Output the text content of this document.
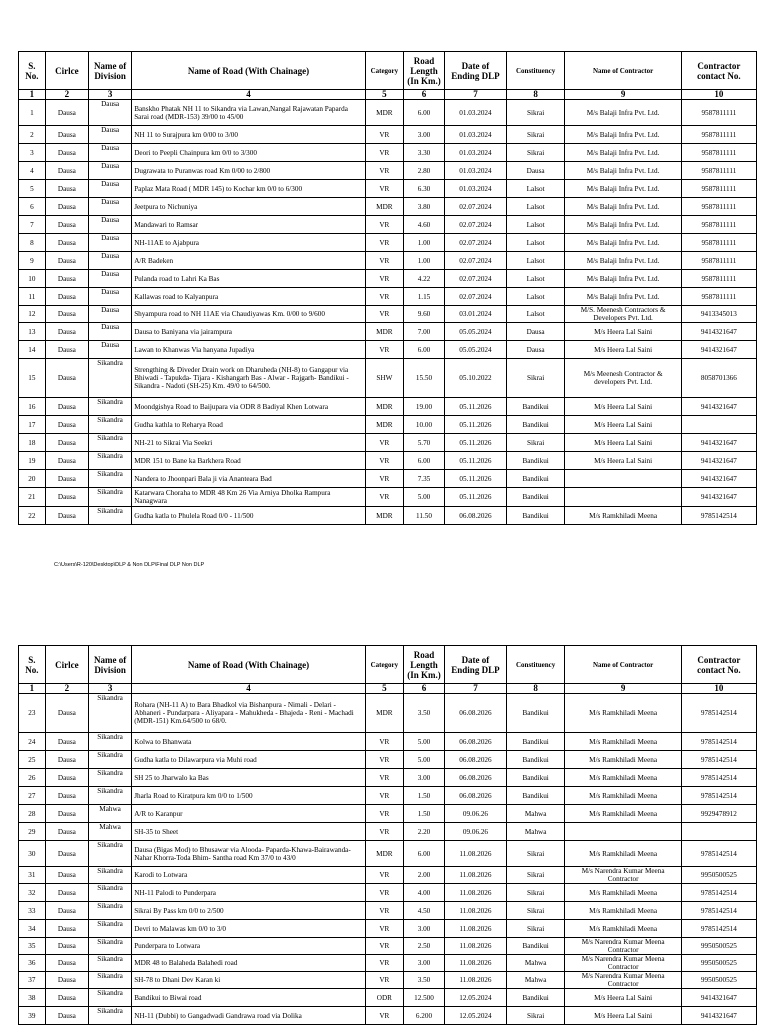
S. No.	Cirlce	Name of Division	Name of Road (With Chainage)	Category	Road Length (In Km.)	Date of Ending DLP	Constituency	Name of Contractor	Contractor contact No.
1	2	3	4	5	6	7	8	9	10
1	Dausa	Dausa	Banskho Phatak NH 11 to Sikandra via Lawan,Nangal Rajawatan Paparda Sarai road (MDR-153) 39/00 to 45/00	MDR	6.00	01.03.2024	Sikrai	M/s Balaji Infra Pvt. Ltd.	9587811111
2	Dausa	Dausa	NH 11 to Surajpura km 0/00 to 3/00	VR	3.00	01.03.2024	Sikrai	M/s Balaji Infra Pvt. Ltd.	9587811111
3	Dausa	Dausa	Deori to Peepli Chainpura km 0/0 to 3/300	VR	3.30	01.03.2024	Sikrai	M/s Balaji Infra Pvt. Ltd.	9587811111
4	Dausa	Dausa	Dugrawata to Puranwas road Km 0/00 to 2/800	VR	2.80	01.03.2024	Dausa	M/s Balaji Infra Pvt. Ltd.	9587811111
5	Dausa	Dausa	Paplaz Mata Road ( MDR 145) to Kochar km 0/0 to 6/300	VR	6.30	01.03.2024	Lalsot	M/s Balaji Infra Pvt. Ltd.	9587811111
6	Dausa	Dausa	Jeetpura to Nichuniya	MDR	3.80	02.07.2024	Lalsot	M/s Balaji Infra Pvt. Ltd.	9587811111
7	Dausa	Dausa	Mandawari to Ramsar	VR	4.60	02.07.2024	Lalsot	M/s Balaji Infra Pvt. Ltd.	9587811111
8	Dausa	Dausa	NH-11AE to Ajabpura	VR	1.00	02.07.2024	Lalsot	M/s Balaji Infra Pvt. Ltd.	9587811111
9	Dausa	Dausa	A/R Badeken	VR	1.00	02.07.2024	Lalsot	M/s Balaji Infra Pvt. Ltd.	9587811111
10	Dausa	Dausa	Pulanda road to Lahri Ka Bas	VR	4.22	02.07.2024	Lalsot	M/s Balaji Infra Pvt. Ltd.	9587811111
11	Dausa	Dausa	Kallawas road to Kalyanpura	VR	1.15	02.07.2024	Lalsot	M/s Balaji Infra Pvt. Ltd.	9587811111
12	Dausa	Dausa	Shyampura road to NH 11AE via Chaudiyawas Km. 0/00 to 9/600	VR	9.60	03.01.2024	Lalsot	M/S. Meenesh Contractors & Developers Pvt. Ltd.	9413345013
13	Dausa	Dausa	Dausa to Baniyana via jairampura	MDR	7.00	05.05.2024	Dausa	M/s Heera Lal Saini	9414321647
14	Dausa	Dausa	Lawan to Khanwas Via hanyana Jupadiya	VR	6.00	05.05.2024	Dausa	M/s Heera Lal Saini	9414321647
15	Dausa	Sikandra	Strengthing & Diveder Drain work on Dharuheda (NH-8) to Gangapur via Bhiwadi - Tapukda- Tijara - Kishangarh Bas - Alwar - Rajgarh- Bandikui - Sikandra - Nadoti (SH-25) Km. 49/0 to 64/500.	SHW	15.50	05.10.2022	Sikrai	M/s Meenesh Contractor & developers Pvt. Ltd.	8058701366
16	Dausa	Sikandra	Moondgishya Road to Baijupara via ODR 8 Badiyal Khen Lotwara	MDR	19.00	05.11.2026	Bandikui	M/s Heera Lal Saini	9414321647
17	Dausa	Sikandra	Gudha kathla to Reharya Road	MDR	10.00	05.11.2026	Bandikui	M/s Heera Lal Saini	
18	Dausa	Sikandra	NH-21 to Sikrai Via Seekri	VR	5.70	05.11.2026	Sikrai	M/s Heera Lal Saini	9414321647
19	Dausa	Sikandra	MDR 151 to Bane ka Barkhera Road	VR	6.00	05.11.2026	Bandikui	M/s Heera Lal Saini	9414321647
20	Dausa	Sikandra	Nandera to Jhoonpari Bala ji via Ananteara Bad	VR	7.35	05.11.2026	Bandikui		9414321647
21	Dausa	Sikandra	Katarwara Choraha to MDR 48 Km 26 Via Arniya Dholka Rampura Nanagwara	VR	5.00	05.11.2026	Bandikui		9414321647
22	Dausa	Sikandra	Gudha katla to Phulela Road 0/0 - 11/500	MDR	11.50	06.08.2026	Bandikui	M/s Ramkhiladi Meena	9785142514
C:\Users\R-120\Desktop\DLP & Non DLP\Final DLP Non DLP
S. No.	Cirlce	Name of Division	Name of Road (With Chainage)	Category	Road Length (In Km.)	Date of Ending DLP	Constituency	Name of Contractor	Contractor contact No.
1	2	3	4	5	6	7	8	9	10
23	Dausa	Sikandra	Rohara (NH-11 A) to Bara Bhadkol via Bishanpura - Nimali - Delari - Abhaneri - Pundarpara - Aliyapara - Mahukheda - Bhajeda - Reni - Machadi (MDR-151) Km.64/500 to 68/0.	MDR	3.50	06.08.2026	Bandikui	M/s Ramkhiladi Meena	9785142514
24	Dausa	Sikandra	Kolwa to Bhanwata	VR	5.00	06.08.2026	Bandikui	M/s Ramkhiladi Meena	9785142514
25	Dausa	Sikandra	Gudha katla to Dilawarpura via Muhi road	VR	5.00	06.08.2026	Bandikui	M/s Ramkhiladi Meena	9785142514
26	Dausa	Sikandra	SH 25 to Jharwalo ka Bas	VR	3.00	06.08.2026	Bandikui	M/s Ramkhiladi Meena	9785142514
27	Dausa	Sikandra	Jharla Road to Kiratpura km 0/0 to 1/500	VR	1.50	06.08.2026	Bandikui	M/s Ramkhiladi Meena	9785142514
28	Dausa	Mahwa	A/R to Karanpur	VR	1.50	09.06.26	Mahwa	M/s Ramkhiladi Meena	9929478912
29	Dausa	Mahwa	SH-35 to Sheet	VR	2.20	09.06.26	Mahwa		
30	Dausa	Sikandra	Dausa (Bigas Mod) to Bhusawar via Alooda- Paparda-Khawa-Bairawanda-Nahar Khorra-Toda Bhim- Santha road Km 37/0 to 43/0	MDR	6.00	11.08.2026	Sikrai	M/s Ramkhiladi Meena	9785142514
31	Dausa	Sikandra	Karodi to Lotwara	VR	2.00	11.08.2026	Sikrai	M/s Narendra Kumar Meena Contractor	9950500525
32	Dausa	Sikandra	NH-11 Palodi to Punderpara	VR	4.00	11.08.2026	Sikrai	M/s Ramkhiladi Meena	9785142514
33	Dausa	Sikandra	Sikrai By Pass km 0/0 to 2/500	VR	4.50	11.08.2026	Sikrai	M/s Ramkhiladi Meena	9785142514
34	Dausa	Sikandra	Devri to Malawas km 0/0 to 3/0	VR	3.00	11.08.2026	Sikrai	M/s Ramkhiladi Meena	9785142514
35	Dausa	Sikandra	Punderpara to Lotwara	VR	2.50	11.08.2026	Bandikui	M/s Narendra Kumar Meena Contractor	9950500525
36	Dausa	Sikandra	MDR 48 to Balaheda Balahedi road	VR	3.00	11.08.2026	Mahwa	M/s Narendra Kumar Meena Contractor	9950500525
37	Dausa	Sikandra	SH-78 to Dhani Dev Karan ki	VR	3.50	11.08.2026	Mahwa	M/s Narendra Kumar Meena Contractor	9950500525
38	Dausa	Sikandra	Bandikui to Biwai road	ODR	12.500	12.05.2024	Bandikui	M/s Heera Lal Saini	9414321647
39	Dausa	Sikandra	NH-11 (Dubbi) to Gangadwadi Gandrawa road via Dolika	VR	6.200	12.05.2024	Sikrai	M/s Heera Lal Saini	9414321647
